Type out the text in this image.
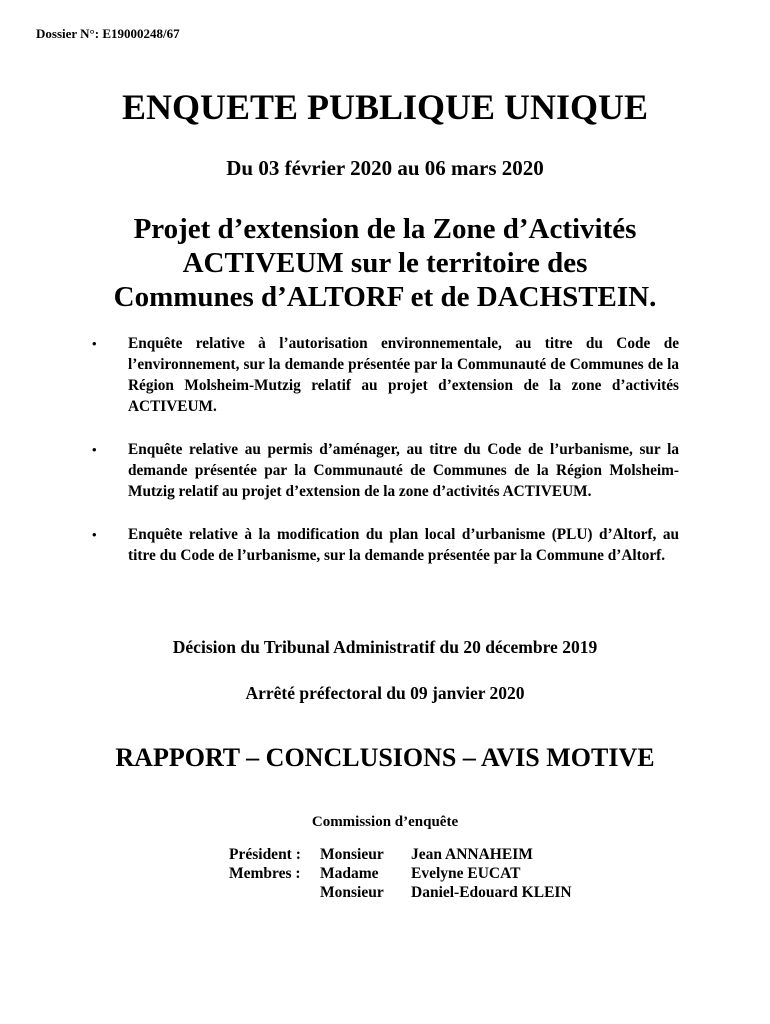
Dossier N°: E19000248/67
ENQUETE PUBLIQUE UNIQUE
Du 03 février 2020 au 06 mars 2020
Projet d’extension de la Zone d’Activités
ACTIVEUM sur le territoire des
Communes d’ALTORF et de DACHSTEIN.
• Enquête relative à l’autorisation environnementale, au titre du Code de l’environnement, sur la demande présentée par la Communauté de Communes de la Région Molsheim-Mutzig relatif au projet d’extension de la zone d’activités ACTIVEUM.
• Enquête relative au permis d’aménager, au titre du Code de l’urbanisme, sur la demande présentée par la Communauté de Communes de la Région Molsheim-Mutzig relatif au projet d’extension de la zone d’activités ACTIVEUM.
• Enquête relative à la modification du plan local d’urbanisme (PLU) d’Altorf, au titre du Code de l’urbanisme, sur la demande présentée par la Commune d’Altorf.
Décision du Tribunal Administratif du 20 décembre 2019
Arrêté préfectoral du 09 janvier 2020
RAPPORT – CONCLUSIONS – AVIS MOTIVE
Commission d’enquête
Président :	Monsieur	Jean ANNAHEIM
Membres :	Madame	Evelyne EUCAT
	Monsieur	Daniel-Edouard KLEIN
